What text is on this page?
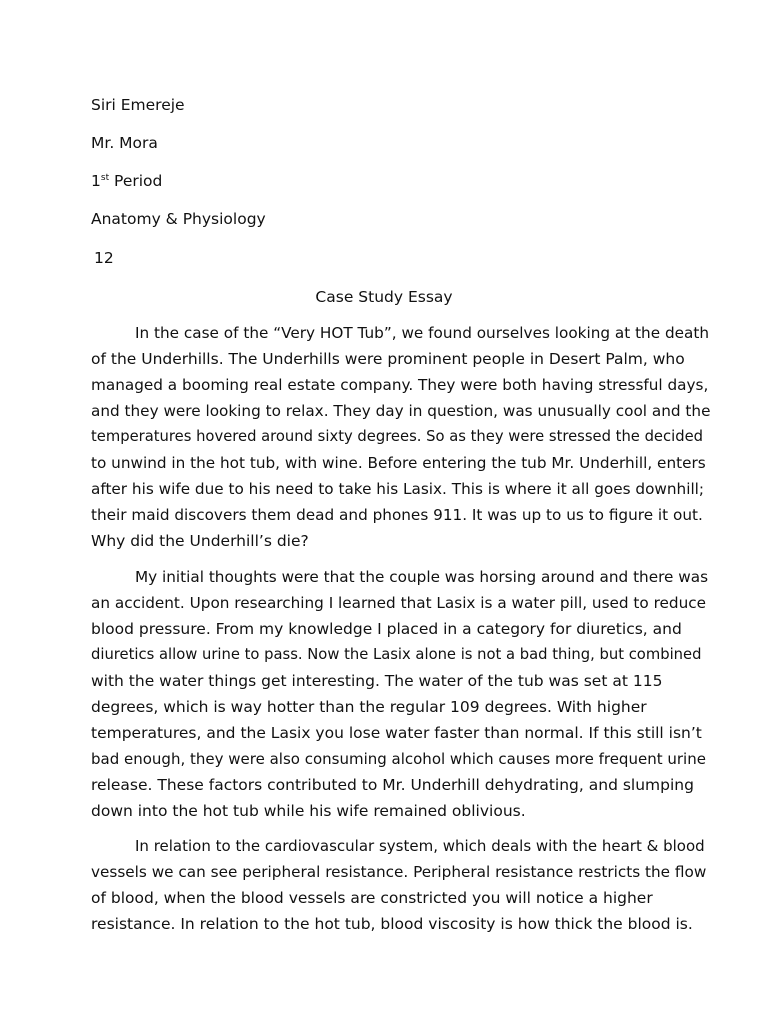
Siri Emereje
Mr. Mora
1st Period
Anatomy & Physiology
12
Case Study Essay
In the case of the “Very HOT Tub”, we found ourselves looking at the death
of the Underhills. The Underhills were prominent people in Desert Palm, who
managed a booming real estate company. They were both having stressful days,
and they were looking to relax. They day in question, was unusually cool and the
temperatures hovered around sixty degrees. So as they were stressed the decided
to unwind in the hot tub, with wine. Before entering the tub Mr. Underhill, enters
after his wife due to his need to take his Lasix. This is where it all goes downhill;
their maid discovers them dead and phones 911. It was up to us to figure it out.
Why did the Underhill’s die?
My initial thoughts were that the couple was horsing around and there was
an accident. Upon researching I learned that Lasix is a water pill, used to reduce
blood pressure. From my knowledge I placed in a category for diuretics, and
diuretics allow urine to pass. Now the Lasix alone is not a bad thing, but combined
with the water things get interesting. The water of the tub was set at 115
degrees, which is way hotter than the regular 109 degrees. With higher
temperatures, and the Lasix you lose water faster than normal. If this still isn’t
bad enough, they were also consuming alcohol which causes more frequent urine
release. These factors contributed to Mr. Underhill dehydrating, and slumping
down into the hot tub while his wife remained oblivious.
In relation to the cardiovascular system, which deals with the heart & blood
vessels we can see peripheral resistance. Peripheral resistance restricts the flow
of blood, when the blood vessels are constricted you will notice a higher
resistance. In relation to the hot tub, blood viscosity is how thick the blood is.
